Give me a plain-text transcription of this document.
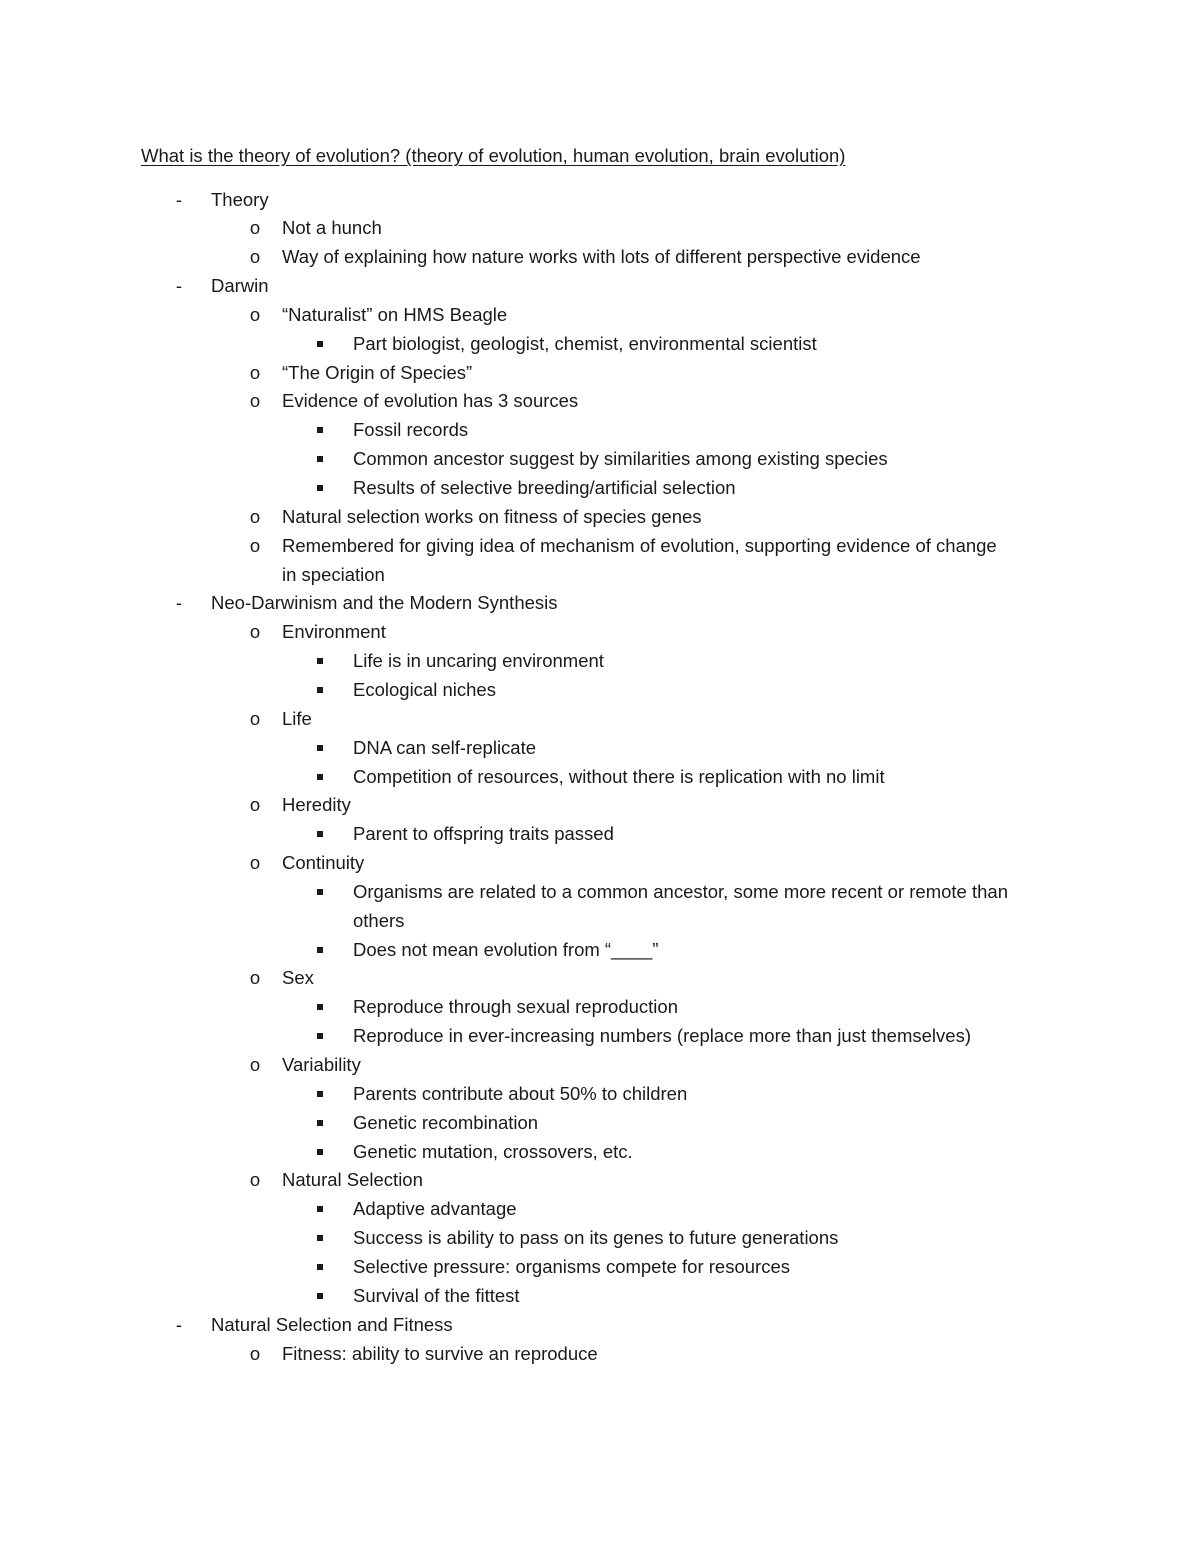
What is the theory of evolution? (theory of evolution, human evolution, brain evolution)
- Theory
o Not a hunch
o Way of explaining how nature works with lots of different perspective evidence
- Darwin
o “Naturalist” on HMS Beagle
Part biologist, geologist, chemist, environmental scientist
o “The Origin of Species”
o Evidence of evolution has 3 sources
Fossil records
Common ancestor suggest by similarities among existing species
Results of selective breeding/artificial selection
o Natural selection works on fitness of species genes
o Remembered for giving idea of mechanism of evolution, supporting evidence of change
in speciation
- Neo-Darwinism and the Modern Synthesis
o Environment
Life is in uncaring environment
Ecological niches
o Life
DNA can self-replicate
Competition of resources, without there is replication with no limit
o Heredity
Parent to offspring traits passed
o Continuity
Organisms are related to a common ancestor, some more recent or remote than
others
Does not mean evolution from “____”
o Sex
Reproduce through sexual reproduction
Reproduce in ever-increasing numbers (replace more than just themselves)
o Variability
Parents contribute about 50% to children
Genetic recombination
Genetic mutation, crossovers, etc.
o Natural Selection
Adaptive advantage
Success is ability to pass on its genes to future generations
Selective pressure: organisms compete for resources
Survival of the fittest
- Natural Selection and Fitness
o Fitness: ability to survive an reproduce
